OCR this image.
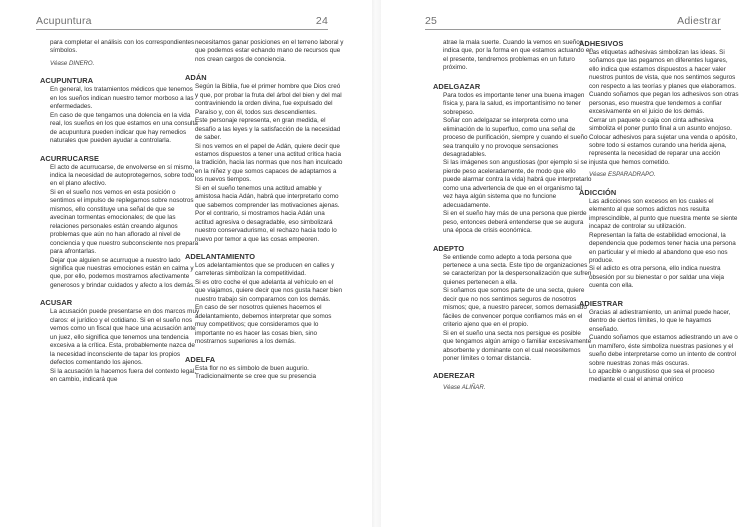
Acupuntura	24
para completar el análisis con los correspondientes símbolos.
Véase DINERO.
ACUPUNTURA
En general, los tratamientos médicos que tenemos en los sueños indican nuestro temor morboso a las enfermedades.
En caso de que tengamos una dolencia en la vida real, los sueños en los que estamos en una consulta de acupuntura pueden indicar que hay remedios naturales que pueden ayudar a controlarla.
ACURRUCARSE
El acto de acurrucarse, de envolverse en sí mismo, indica la necesidad de autoprotegernos, sobre todo en el plano afectivo.
Si en el sueño nos vemos en esta posición o sentimos el impulso de replegarnos sobre nosotros mismos, ello constituye una señal de que se avecinan tormentas emocionales; de que las relaciones personales están creando algunos problemas que aún no han aflorado al nivel de conciencia y que nuestro subconsciente nos prepara para afrontarlas.
Dejar que alguien se acurruque a nuestro lado significa que nuestras emociones están en calma y que, por ello, podemos mostrarnos afectivamente generosos y brindar cuidados y afecto a los demás.
ACUSAR
La acusación puede presentarse en dos marcos muy claros: el jurídico y el cotidiano. Si en el sueño nos vemos como un fiscal que hace una acusación ante un juez, ello significa que tenemos una tendencia excesiva a la crítica. Esta, probablemente nazca de la necesidad inconsciente de tapar los propios defectos comentando los ajenos.
Si la acusación la hacemos fuera del contexto legal, en cambio, indicará que
necesitamos ganar posiciones en el terreno laboral y que podemos estar echando mano de recursos que nos crean cargos de conciencia.
ADÁN
Según la Biblia, fue el primer hombre que Dios creó y que, por probar la fruta del árbol del bien y del mal contraviniendo la orden divina, fue expulsado del Paraíso y, con él, todos sus descendientes.
Este personaje representa, en gran medida, el desafío a las leyes y la satisfacción de la necesidad de saber.
Si nos vemos en el papel de Adán, quiere decir que estamos dispuestos a tener una actitud crítica hacia la tradición, hacia las normas que nos han inculcado en la niñez y que somos capaces de adaptarnos a los nuevos tiempos.
Si en el sueño tenemos una actitud amable y amistosa hacia Adán, habrá que interpretarlo como que sabemos comprender las motivaciones ajenas.
Por el contrario, si mostramos hacia Adán una actitud agresiva o desagradable, eso simbolizará nuestro conservadurismo, el rechazo hacia todo lo nuevo por temor a que las cosas empeoren.
ADELANTAMIENTO
Los adelantamientos que se producen en calles y carreteras simbolizan la competitividad.
Si es otro coche el que adelanta al vehículo en el que viajamos, quiere decir que nos gusta hacer bien nuestro trabajo sin compararnos con los demás.
En caso de ser nosotros quienes hacemos el adelantamiento, debemos interpretar que somos muy competitivos; que consideramos que lo importante no es hacer las cosas bien, sino mostrarnos superiores a los demás.
ADELFA
Esta flor no es símbolo de buen augurio. Tradicionalmente se cree que su presencia
25	Adiestrar
atrae la mala suerte. Cuando la vemos en sueños indica que, por la forma en que estamos actuando en el presente, tendremos problemas en un futuro próximo.
ADELGAZAR
Para todos es importante tener una buena imagen física y, para la salud, es importantísimo no tener sobrepeso.
Soñar con adelgazar se interpreta como una eliminación de lo superfluo, como una señal de proceso de purificación, siempre y cuando el sueño sea tranquilo y no provoque sensaciones desagradables.
Si las imágenes son angustiosas (por ejemplo si se pierde peso aceleradamente, de modo que ello puede alarmar contra la vida) habrá que interpretarlo como una advertencia de que en el organismo tal vez haya algún sistema que no funcione adecuadamente.
Si en el sueño hay más de una persona que pierde peso, entonces deberá entenderse que se augura una época de crisis económica.
ADEPTO
Se entiende como adepto a toda persona que pertenece a una secta. Este tipo de organizaciones se caracterizan por la despersonalización que sufren quienes pertenecen a ella.
Si soñamos que somos parte de una secta, quiere decir que no nos sentimos seguros de nosotros mismos; que, a nuestro parecer, somos demasiado fáciles de convencer porque confiamos más en el criterio ajeno que en el propio.
Si en el sueño una secta nos persigue es posible que tengamos algún amigo o familiar excesivamente absorbente y dominante con el cual necesitemos poner límites o tomar distancia.
ADEREZAR
Véase ALIÑAR.
ADHESIVOS
Las etiquetas adhesivas simbolizan las ideas. Si soñamos que las pegamos en diferentes lugares, ello indica que estamos dispuestos a hacer valer nuestros puntos de vista, que nos sentimos seguros con respecto a las teorías y planes que elaboramos.
Cuando soñamos que pegan los adhesivos son otras personas, eso muestra que tendemos a confiar excesivamente en el juicio de los demás.
Cerrar un paquete o caja con cinta adhesiva simboliza el poner punto final a un asunto enojoso.
Colocar adhesivos para sujetar una venda o apósito, sobre todo si estamos curando una herida ajena, representa la necesidad de reparar una acción injusta que hemos cometido.
Véase ESPARADRAPO.
ADICCIÓN
Las adicciones son excesos en los cuales el elemento al que somos adictos nos resulta imprescindible, al punto que nuestra mente se siente incapaz de controlar su utilización.
Representan la falta de estabilidad emocional, la dependencia que podemos tener hacia una persona en particular y el miedo al abandono que eso nos produce.
Si el adicto es otra persona, ello indica nuestra obsesión por su bienestar o por saldar una vieja cuenta con ella.
ADIESTRAR
Gracias al adiestramiento, un animal puede hacer, dentro de ciertos límites, lo que le hayamos enseñado.
Cuando soñamos que estamos adiestrando un ave o un mamífero, éste simboliza nuestras pasiones y el sueño debe interpretarse como un intento de control sobre nuestras zonas más oscuras.
Lo apacible o angustioso que sea el proceso mediante el cual el animal onírico
